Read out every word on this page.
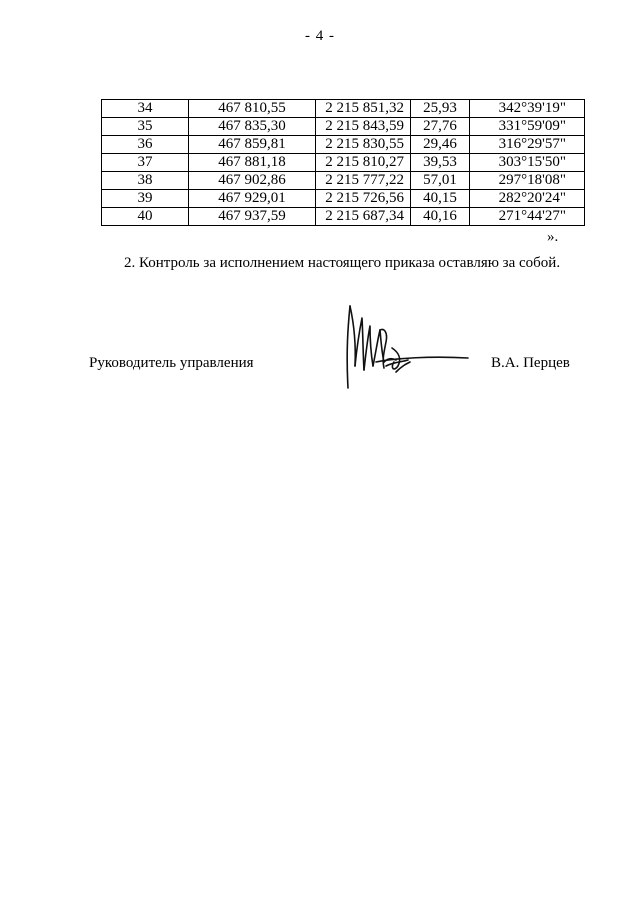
- 4 -
34	467 810,55	2 215 851,32	25,93	342°39'19"
35	467 835,30	2 215 843,59	27,76	331°59'09"
36	467 859,81	2 215 830,55	29,46	316°29'57"
37	467 881,18	2 215 810,27	39,53	303°15'50"
38	467 902,86	2 215 777,22	57,01	297°18'08"
39	467 929,01	2 215 726,56	40,15	282°20'24"
40	467 937,59	2 215 687,34	40,16	271°44'27"
».
2. Контроль за исполнением настоящего приказа оставляю за собой.
Руководитель управления	В.А. Перцев
